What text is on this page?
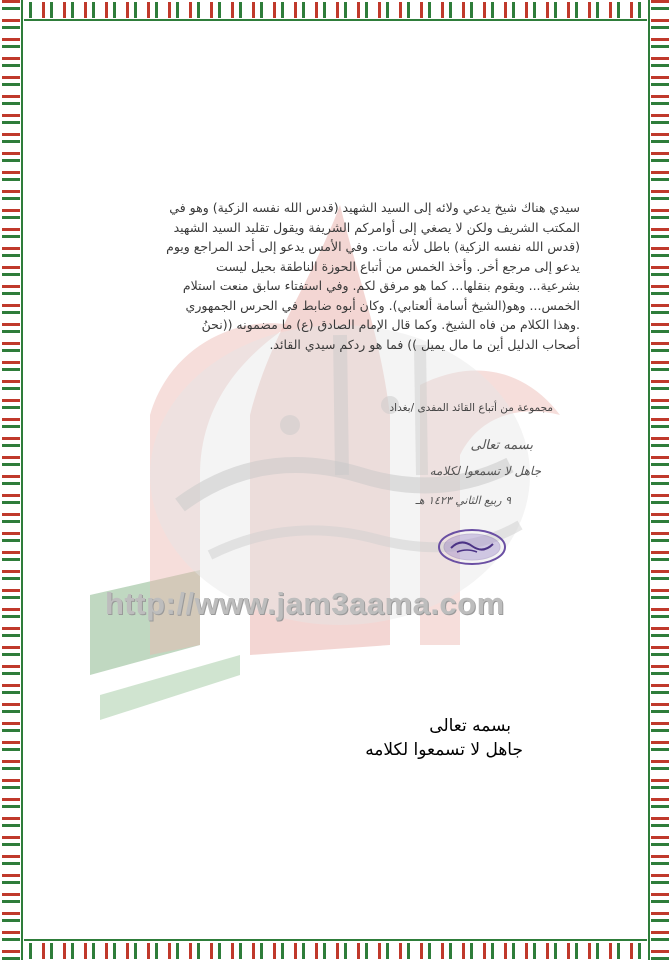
http://www.jam3aama.com
سيدي هناك شيخ يدعي ولائه إلى السيد الشهيد (قدس الله نفسه الزكية) وهو في
المكتب الشريف ولكن لا يصغي إلى أوامركم الشريفة ويقول تقليد السيد الشهيد
(قدس الله نفسه الزكية) باطل لأنه مات. وفي الأمس يدعو إلى أحد المراجع ويوم
يدعو إلى مرجع أخر. وأخذ الخمس من أتباع الحوزة الناطقة بحيل ليست
بشرعية... ويقوم بنقلها... كما هو مرفق لكم. وفي استفتاء سابق منعت استلام
الخمس... وهو(الشيخ أسامة ألعتابي). وكان أبوه ضابط في الحرس الجمهوري
.وهذا الكلام من فاه الشيخ. وكما قال الإمام الصادق (ع) ما مضمونه ((نحنُ
أصحاب الدليل أين ما مال يميل )) فما هو ردكم سيدي القائد.
مجموعة من أتباع القائد المفدى /بغداد
بسمه تعالى
جاهل لا تسمعوا لكلامه
٩ ربيع الثاني ١٤٢٣ هـ
بسمه تعالى
جاهل لا تسمعوا لكلامه
